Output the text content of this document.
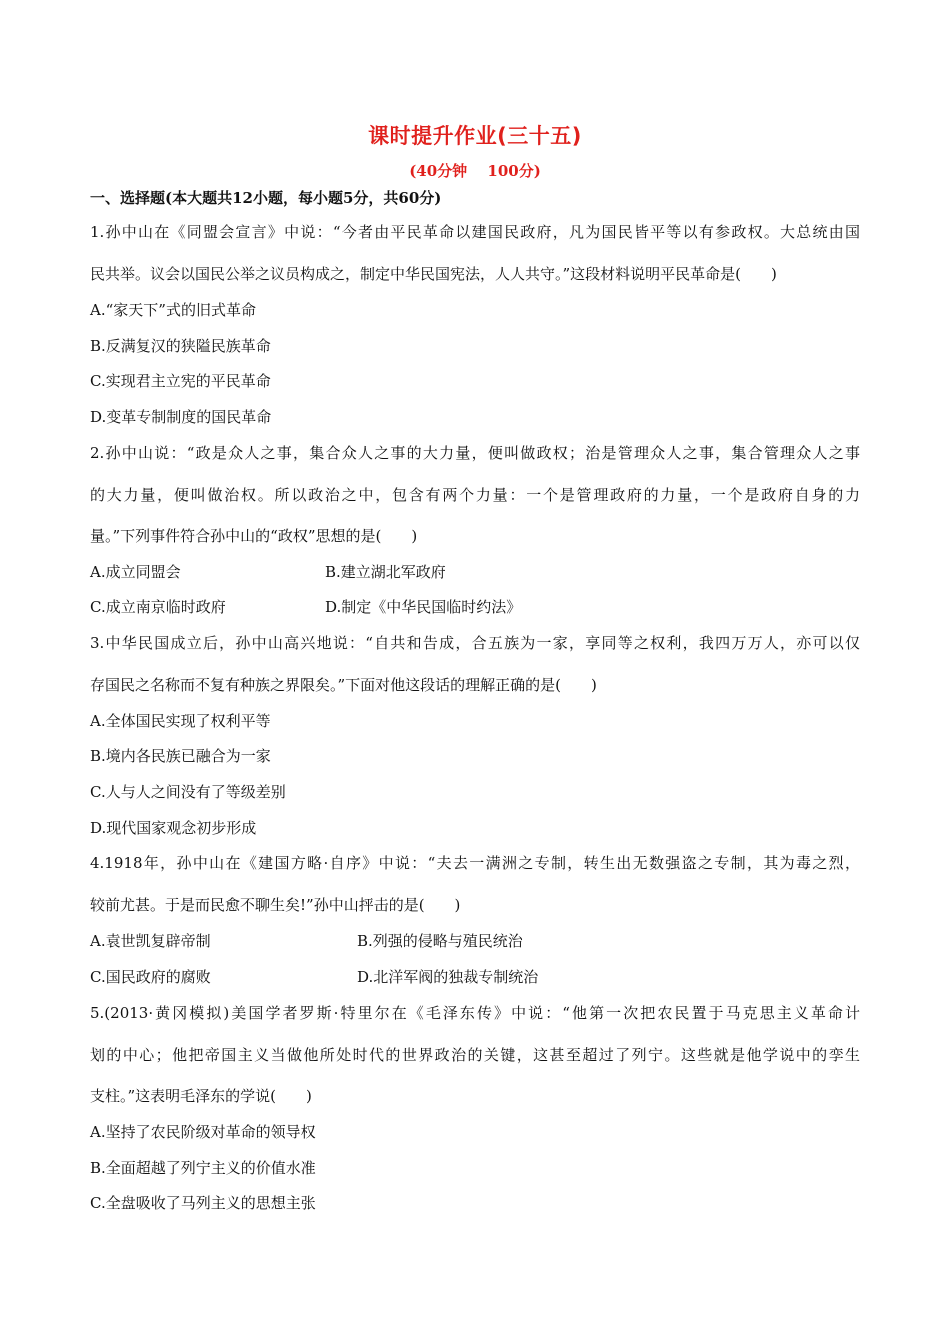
课时提升作业(三十五)
(40分钟　 100分)
一、选择题(本大题共12小题，每小题5分，共60分)
1.孙中山在《同盟会宣言》中说：“今者由平民革命以建国民政府，凡为国民皆平等以有参政权。大总统由国
民共举。议会以国民公举之议员构成之，制定中华民国宪法，人人共守。”这段材料说明平民革命是(　　)
A.“家天下”式的旧式革命
B.反满复汉的狭隘民族革命
C.实现君主立宪的平民革命
D.变革专制制度的国民革命
2.孙中山说：“政是众人之事，集合众人之事的大力量，便叫做政权；治是管理众人之事，集合管理众人之事
的大力量，便叫做治权。所以政治之中，包含有两个力量：一个是管理政府的力量，一个是政府自身的力
量。”下列事件符合孙中山的“政权”思想的是(　　)
A.成立同盟会	B.建立湖北军政府
C.成立南京临时政府	D.制定《中华民国临时约法》
3.中华民国成立后，孙中山高兴地说：“自共和告成，合五族为一家，享同等之权利，我四万万人，亦可以仅
存国民之名称而不复有种族之界限矣。”下面对他这段话的理解正确的是(　　)
A.全体国民实现了权利平等
B.境内各民族已融合为一家
C.人与人之间没有了等级差别
D.现代国家观念初步形成
4.1918年，孙中山在《建国方略·自序》中说：“夫去一满洲之专制，转生出无数强盗之专制，其为毒之烈，
较前尤甚。于是而民愈不聊生矣!”孙中山抨击的是(　　)
A.袁世凯复辟帝制	B.列强的侵略与殖民统治
C.国民政府的腐败	D.北洋军阀的独裁专制统治
5.(2013·黄冈模拟)美国学者罗斯·特里尔在《毛泽东传》中说：“他第一次把农民置于马克思主义革命计
划的中心；他把帝国主义当做他所处时代的世界政治的关键，这甚至超过了列宁。这些就是他学说中的孪生
支柱。”这表明毛泽东的学说(　　)
A.坚持了农民阶级对革命的领导权
B.全面超越了列宁主义的价值水准
C.全盘吸收了马列主义的思想主张
